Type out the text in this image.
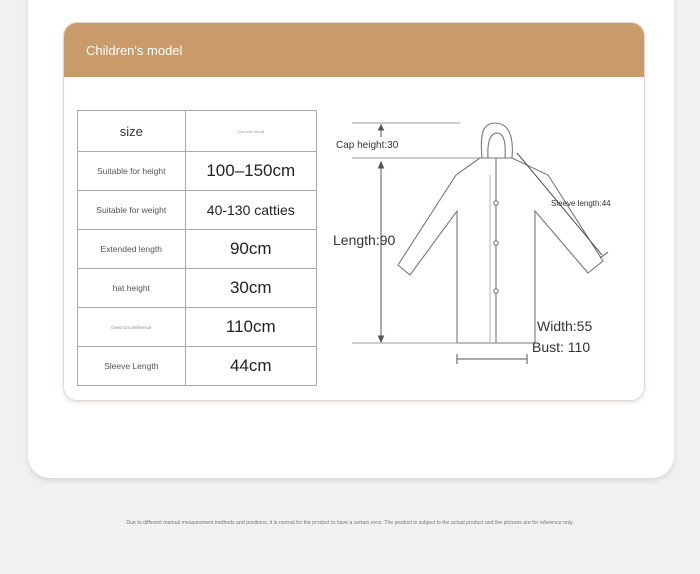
Children's model
size	One size fits all
Suitable for height	100–150cm
Suitable for weight	40-130 catties
Extended length	90cm
hat height	30cm
chest circumference	110cm
Sleeve Length	44cm
Cap height:30
Length:90
Sleeve length:44
Width:55
Bust: 110
Due to different manual measurement methods and positions, it is normal for the product to have a certain error. The product is subject to the actual product and the pictures are for reference only.
